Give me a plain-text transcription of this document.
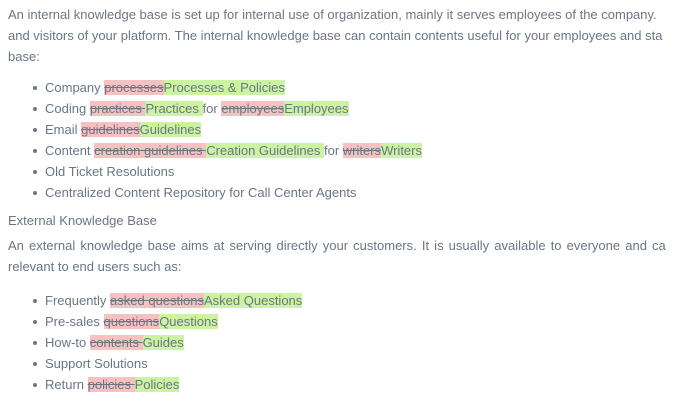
An internal knowledge base is set up for internal use of organization, mainly it serves employees of the company.
and visitors of your platform. The internal knowledge base can contain contents useful for your employees and sta
base:

Company processesProcesses & Policies
Coding practices Practices for employeesEmployees
Email guidelinesGuidelines
Content creation guidelines Creation Guidelines for writersWriters
Old Ticket Resolutions
Centralized Content Repository for Call Center Agents

External Knowledge Base

An external knowledge base aims at serving directly your customers. It is usually available to everyone and ca
relevant to end users such as:

Frequently asked questionsAsked Questions
Pre-sales questionsQuestions
How-to contents Guides
Support Solutions
Return policies Policies
